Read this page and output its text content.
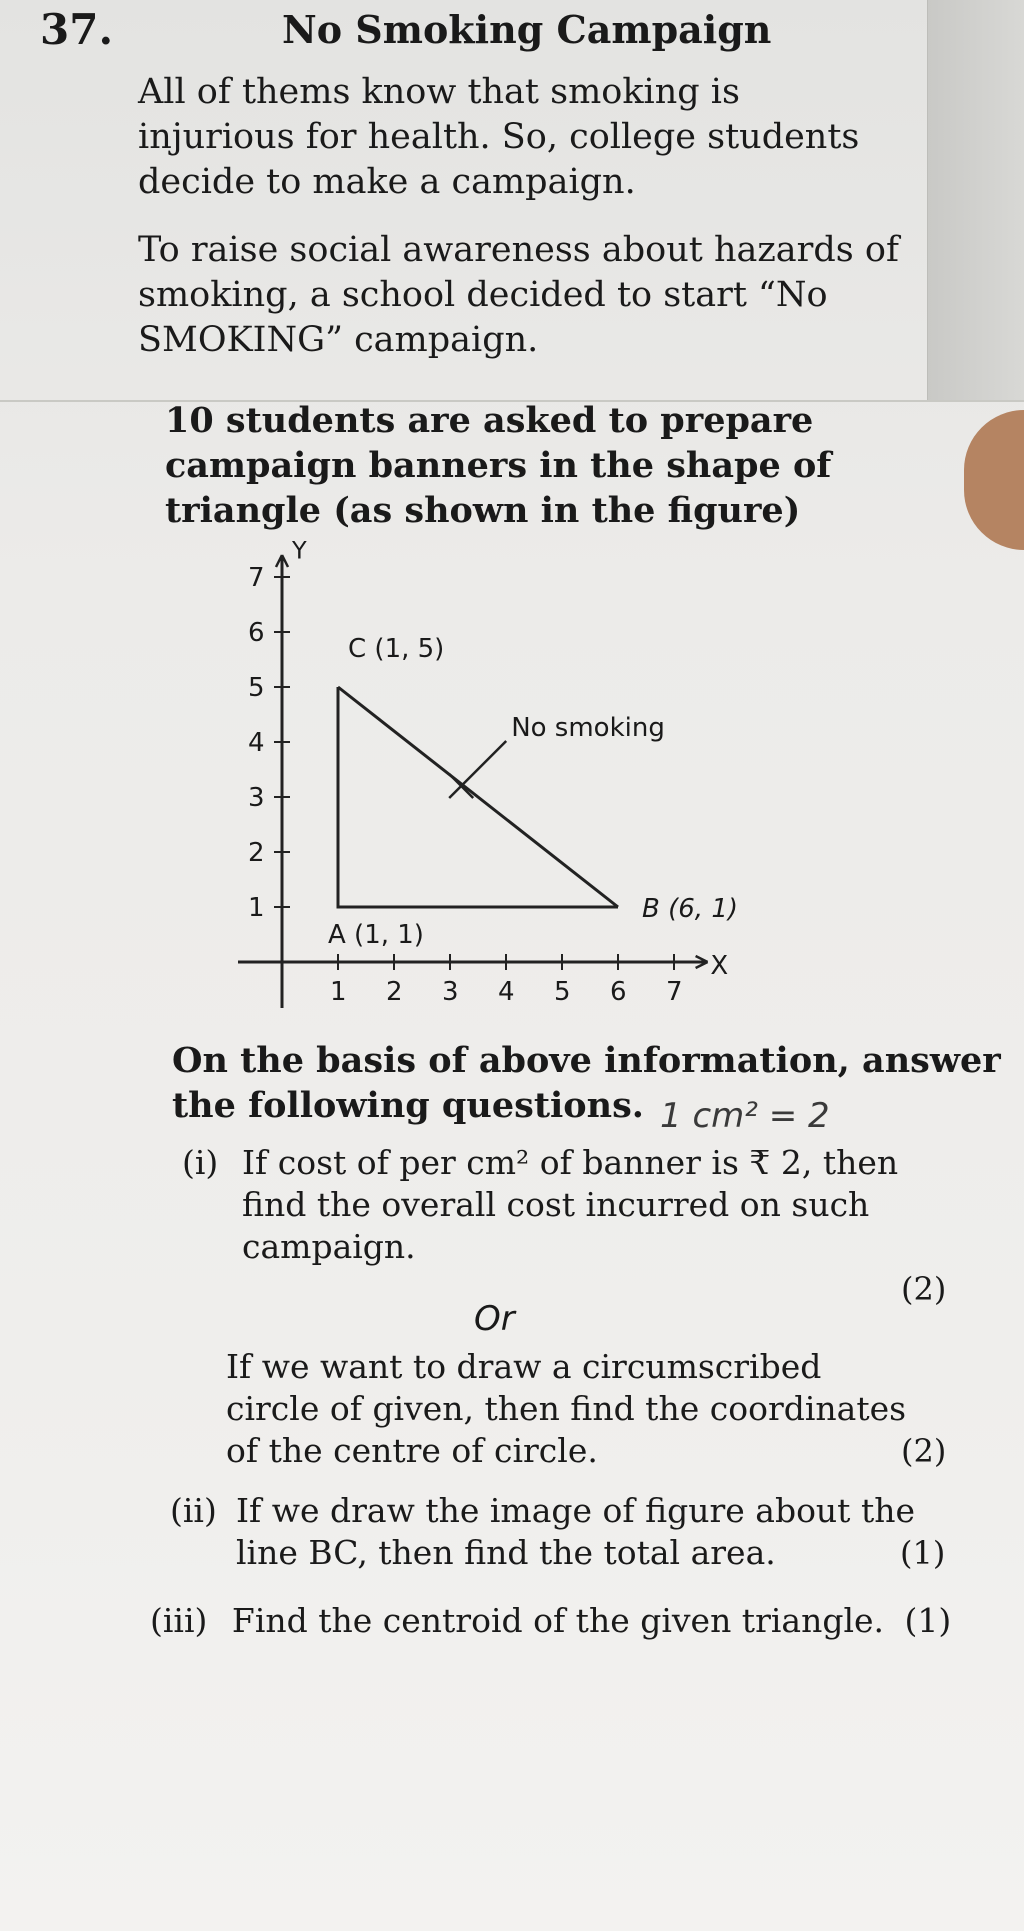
37.	No Smoking Campaign
All of thems know that smoking is
injurious for health. So, college students
decide to make a campaign.
To raise social awareness about hazards of
smoking, a school decided to start “No
SMOKING” campaign.
10 students are asked to prepare
campaign banners in the shape of
triangle (as shown in the figure)
X
Y
1 2 3 4 5 6 7
1
2
3
4
5
6
7
A (1, 1)
B (6, 1)
C (1, 5)
No smoking
On the basis of above information, answer
the following questions. 1 cm² = 2
(i) If cost of per cm² of banner is ₹ 2, then
find the overall cost incurred on such
campaign.
(2)
Or
If we want to draw a circumscribed
circle of given, then find the coordinates
of the centre of circle.	(2)
(ii) If we draw the image of figure about the
line BC, then find the total area.	(1)
(iii) Find the centroid of the given triangle. (1)
